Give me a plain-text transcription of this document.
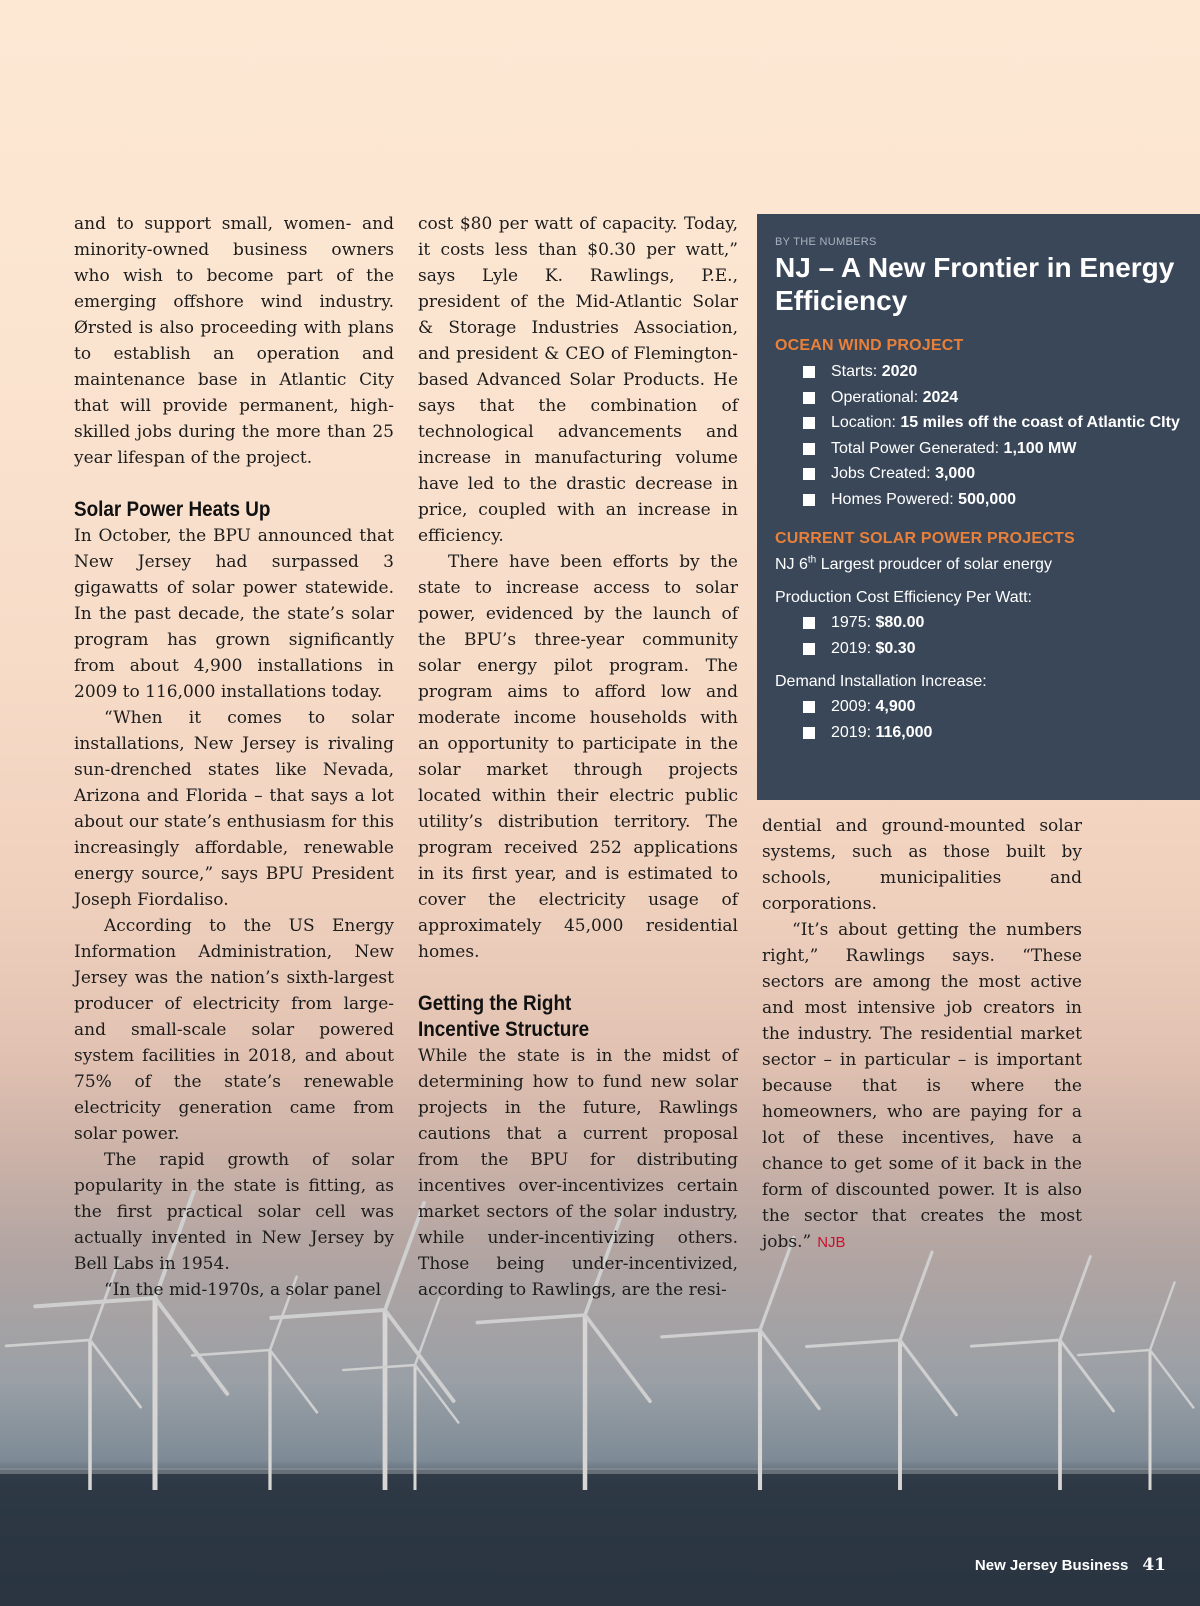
and to support small, women- and minority-owned business owners who wish to become part of the emerging offshore wind industry. Ørsted is also proceeding with plans to establish an operation and maintenance base in Atlantic City that will provide permanent, high-skilled jobs during the more than 25 year lifespan of the project.

Solar Power Heats Up

In October, the BPU announced that New Jersey had surpassed 3 gigawatts of solar power statewide. In the past decade, the state’s solar program has grown significantly from about 4,900 installations in 2009 to 116,000 installations today.

“When it comes to solar installations, New Jersey is rivaling sun-drenched states like Nevada, Arizona and Florida – that says a lot about our state’s enthusiasm for this increasingly affordable, renewable energy source,” says BPU President Joseph Fiordaliso.

According to the US Energy Information Administration, New Jersey was the nation’s sixth-largest producer of electricity from large- and small-scale solar powered system facilities in 2018, and about 75% of the state’s renewable electricity generation came from solar power.

The rapid growth of solar popularity in the state is fitting, as the first practical solar cell was actually invented in New Jersey by Bell Labs in 1954.

“In the mid-1970s, a solar panel

cost $80 per watt of capacity. Today, it costs less than $0.30 per watt,” says Lyle K. Rawlings, P.E., president of the Mid-Atlantic Solar & Storage Industries Association, and president & CEO of Flemington-based Advanced Solar Products. He says that the combination of technological advancements and increase in manufacturing volume have led to the drastic decrease in price, coupled with an increase in efficiency.

There have been efforts by the state to increase access to solar power, evidenced by the launch of the BPU’s three-year community solar energy pilot program. The program aims to afford low and moderate income households with an opportunity to participate in the solar market through projects located within their electric public utility’s distribution territory. The program received 252 applications in its first year, and is estimated to cover the electricity usage of approximately 45,000 residential homes.

Getting the Right
Incentive Structure

While the state is in the midst of determining how to fund new solar projects in the future, Rawlings cautions that a current proposal from the BPU for distributing incentives over-incentivizes certain market sectors of the solar industry, while under-incentivizing others. Those being under-incentivized, according to Rawlings, are the resi-

dential and ground-mounted solar systems, such as those built by schools, municipalities and corporations.

“It’s about getting the numbers right,” Rawlings says. “These sectors are among the most active and most intensive job creators in the industry. The residential market sector – in particular – is important because that is where the homeowners, who are paying for a lot of these incentives, have a chance to get some of it back in the form of discounted power. It is also the sector that creates the most jobs.” NJB

BY THE NUMBERS
NJ – A New Frontier in Energy Efficiency
OCEAN WIND PROJECT
Starts: 2020
Operational: 2024
Location: 15 miles off the coast of Atlantic CIty
Total Power Generated: 1,100 MW
Jobs Created: 3,000
Homes Powered: 500,000
CURRENT SOLAR POWER PROJECTS
NJ 6th Largest proudcer of solar energy
Production Cost Efficiency Per Watt:
1975: $80.00
2019: $0.30
Demand Installation Increase:
2009: 4,900
2019: 116,000
New Jersey Business 41
